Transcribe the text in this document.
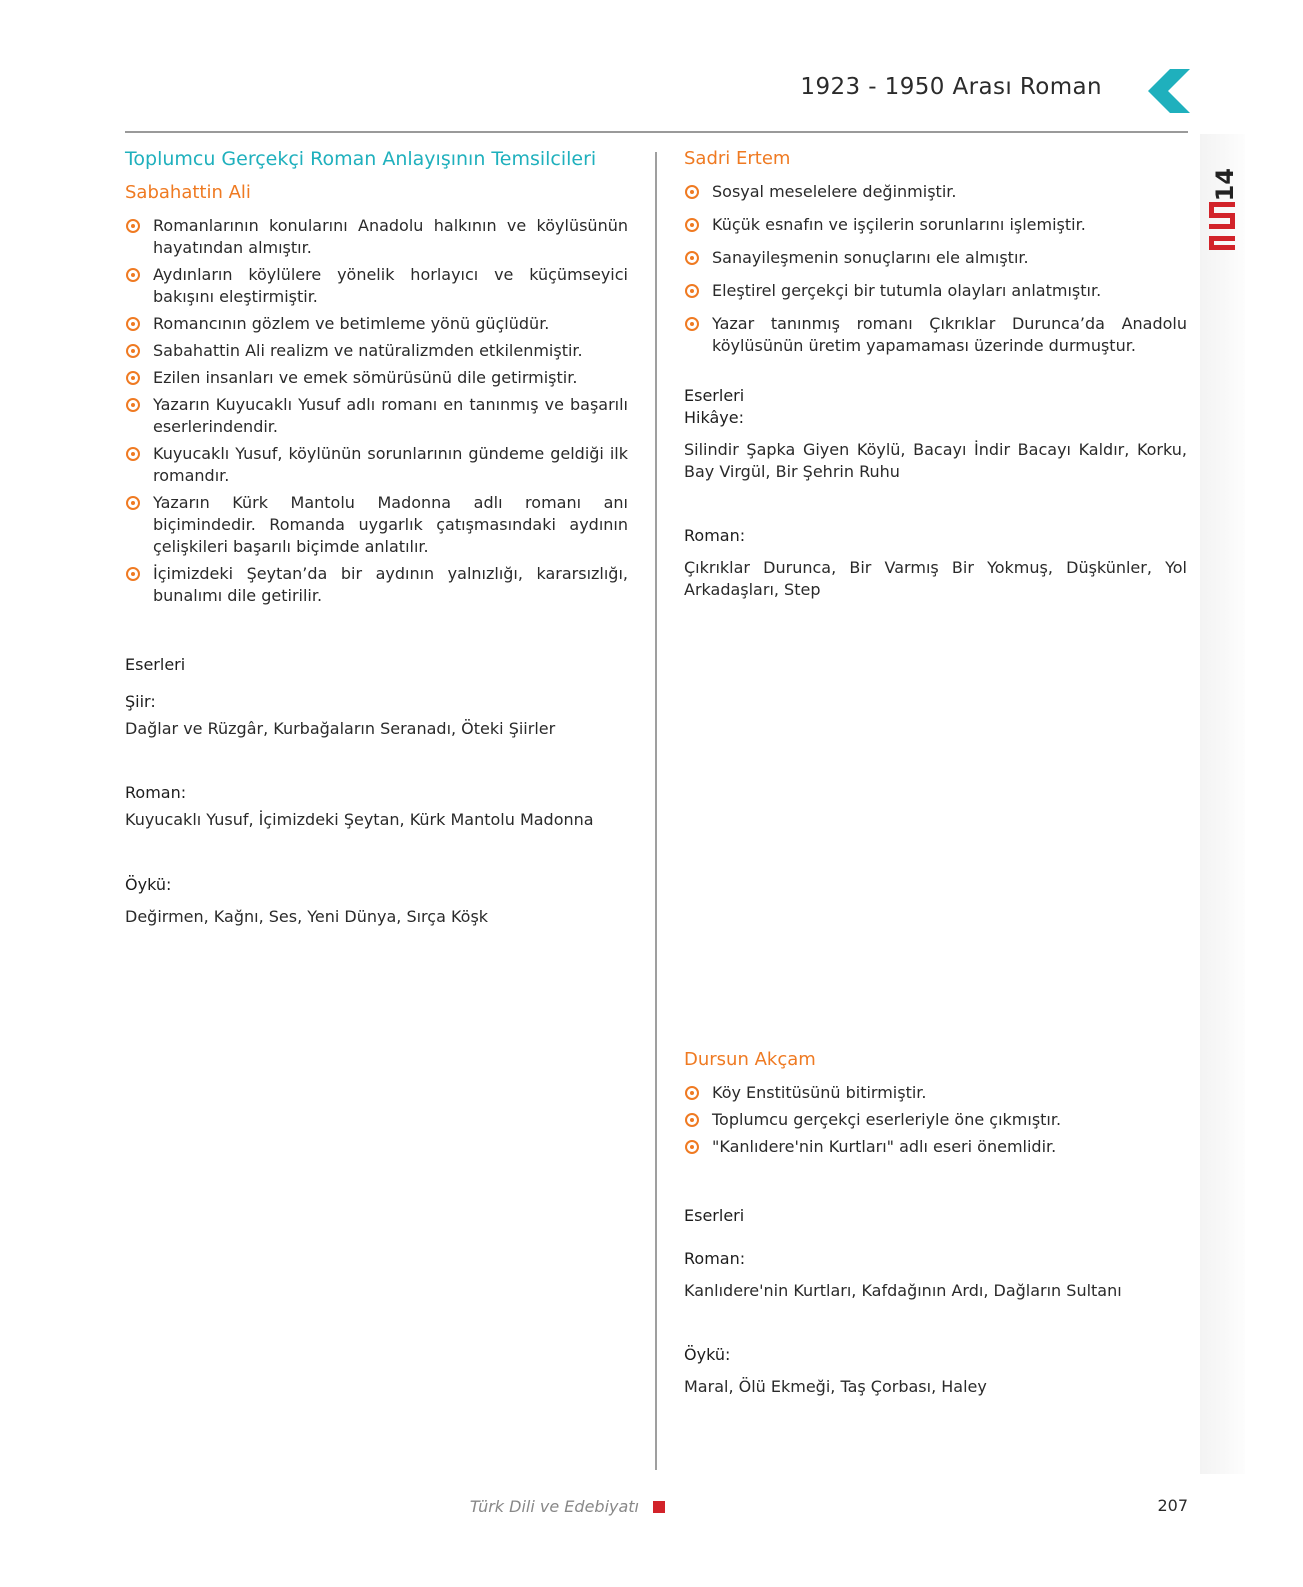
1923 - 1950 Arası Roman
14
Toplumcu Gerçekçi Roman Anlayışının Temsilcileri
Sabahattin Ali
Romanlarının konularını Anadolu halkının ve köylüsünün hayatından almıştır.
Aydınların köylülere yönelik horlayıcı ve küçümseyici bakışını eleştirmiştir.
Romancının gözlem ve betimleme yönü güçlüdür.
Sabahattin Ali realizm ve natüralizmden etkilenmiştir.
Ezilen insanları ve emek sömürüsünü dile getirmiştir.
Yazarın Kuyucaklı Yusuf adlı romanı en tanınmış ve başarılı eserlerindendir.
Kuyucaklı Yusuf, köylünün sorunlarının gündeme geldiği ilk romandır.
Yazarın Kürk Mantolu Madonna adlı romanı anı biçimindedir. Romanda uygarlık çatışmasındaki aydının çelişkileri başarılı biçimde anlatılır.
İçimizdeki Şeytan’da bir aydının yalnızlığı, kararsızlığı, bunalımı dile getirilir.

Eserleri

Şiir:

Dağlar ve Rüzgâr, Kurbağaların Seranadı, Öteki Şiirler

Roman:

Kuyucaklı Yusuf, İçimizdeki Şeytan, Kürk Mantolu Madonna

Öykü:

Değirmen, Kağnı, Ses, Yeni Dünya, Sırça Köşk

Sadri Ertem
Sosyal meselelere değinmiştir.
Küçük esnafın ve işçilerin sorunlarını işlemiştir.
Sanayileşmenin sonuçlarını ele almıştır.
Eleştirel gerçekçi bir tutumla olayları anlatmıştır.
Yazar tanınmış romanı Çıkrıklar Durunca’da Anadolu köylüsünün üretim yapamaması üzerinde durmuştur.

Eserleri

Hikâye:

Silindir Şapka Giyen Köylü, Bacayı İndir Bacayı Kaldır, Korku, Bay Virgül, Bir Şehrin Ruhu

Roman:

Çıkrıklar Durunca, Bir Varmış Bir Yokmuş, Düşkünler, Yol Arkadaşları, Step

Dursun Akçam
Köy Enstitüsünü bitirmiştir.
Toplumcu gerçekçi eserleriyle öne çıkmıştır.
"Kanlıdere'nin Kurtları" adlı eseri önemlidir.

Eserleri

Roman:

Kanlıdere'nin Kurtları, Kafdağının Ardı, Dağların Sultanı

Öykü:

Maral, Ölü Ekmeği, Taş Çorbası, Haley

Türk Dili ve Edebiyatı	207
